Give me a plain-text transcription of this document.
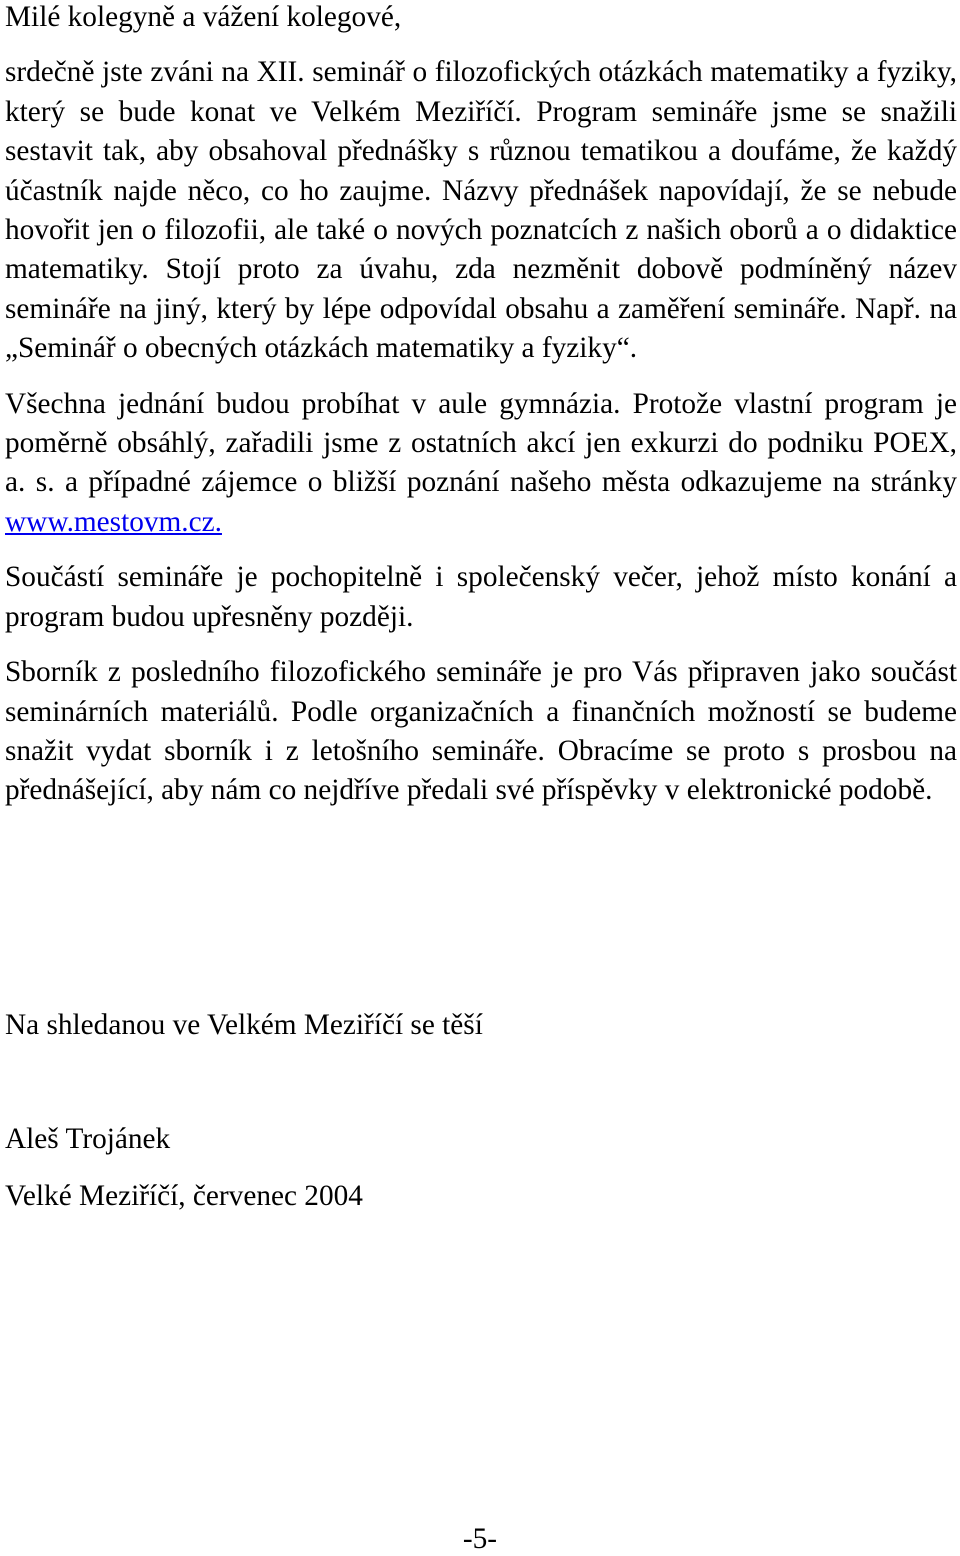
Milé kolegyně a vážení kolegové,

srdečně jste zváni na XII. seminář o filozofických otázkách matematiky a fyziky, který se bude konat ve Velkém Meziříčí. Program semináře jsme se snažili sestavit tak, aby obsahoval přednášky s různou tematikou a doufáme, že každý účastník najde něco, co ho zaujme. Názvy přednášek napovídají, že se nebude hovořit jen o filozofii, ale také o nových poznatcích z našich oborů a o didaktice matematiky. Stojí proto za úvahu, zda nezměnit dobově podmíněný název semináře na jiný, který by lépe odpovídal obsahu a zaměření semináře. Např. na „Seminář o obecných otázkách matematiky a fyziky“.

Všechna jednání budou probíhat v aule gymnázia. Protože vlastní program je poměrně obsáhlý, zařadili jsme z ostatních akcí jen exkurzi do podniku POEX, a. s. a případné zájemce o bližší poznání našeho města odkazujeme na stránky www.mestovm.cz.

Součástí semináře je pochopitelně i společenský večer, jehož místo konání a program budou upřesněny později.

Sborník z posledního filozofického semináře je pro Vás připraven jako součást seminárních materiálů. Podle organizačních a finančních možností se budeme snažit vydat sborník i z letošního semináře. Obracíme se proto s prosbou na přednášející, aby nám co nejdříve předali své příspěvky v elektronické podobě.

Na shledanou ve Velkém Meziříčí se těší
Aleš Trojánek
Velké Meziříčí, červenec 2004
-5-
